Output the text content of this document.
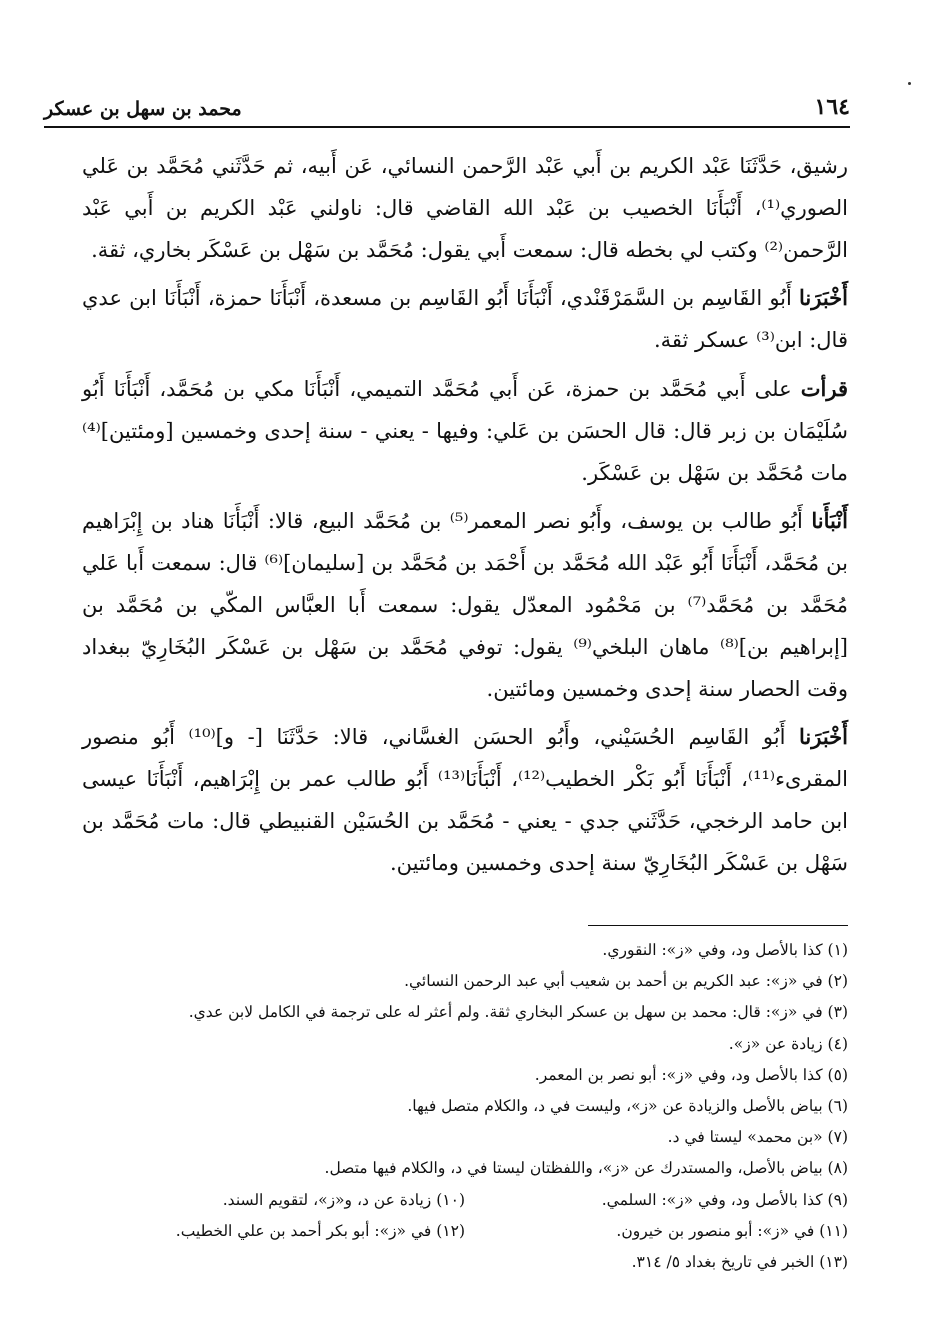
١٦٤
محمد بن سهل بن عسكر

رشيق، حَدَّثَنَا عَبْد الكريم بن أَبي عَبْد الرَّحمن النسائي، عَن أَبيه، ثم حَدَّثَني مُحَمَّد بن عَلي الصوري⁽¹⁾، أَنْبَأَنَا الخصيب بن عَبْد الله القاضي قال: ناولني عَبْد الكريم بن أَبي عَبْد الرَّحمن⁽²⁾ وكتب لي بخطه قال: سمعت أَبي يقول: مُحَمَّد بن سَهْل بن عَسْكَر بخاري، ثقة.

أَخْبَرَنا أَبُو القَاسِم بن السَّمَرْقَنْدي، أَنْبَأَنَا أَبُو القَاسِم بن مسعدة، أَنْبَأَنَا حمزة، أَنْبَأَنَا ابن عدي قال: ابن⁽³⁾ عسكر ثقة.

قرأت على أَبي مُحَمَّد بن حمزة، عَن أَبي مُحَمَّد التميمي، أَنْبَأَنَا مكي بن مُحَمَّد، أَنْبَأَنَا أَبُو سُلَيْمَان بن زبر قال: قال الحسَن بن عَلي: وفيها - يعني - سنة إحدى وخمسين [ومئتين]⁽⁴⁾ مات مُحَمَّد بن سَهْل بن عَسْكَر.

أَنْبَأَنا أَبُو طالب بن يوسف، وأَبُو نصر المعمر⁽⁵⁾ بن مُحَمَّد البيع، قالا: أَنْبَأَنَا هناد بن إِبْرَاهيم بن مُحَمَّد، أَنْبَأَنَا أَبُو عَبْد الله مُحَمَّد بن أَحْمَد بن مُحَمَّد بن [سليمان]⁽⁶⁾ قال: سمعت أَبا عَلي مُحَمَّد بن مُحَمَّد⁽⁷⁾ بن مَحْمُود المعدّل يقول: سمعت أَبا العبَّاس المكّي بن مُحَمَّد بن [إبراهيم بن]⁽⁸⁾ ماهان البلخي⁽⁹⁾ يقول: توفي مُحَمَّد بن سَهْل بن عَسْكَر البُخَارِيّ ببغداد وقت الحصار سنة إحدى وخمسين ومائتين.

أَخْبَرَنا أَبُو القَاسِم الحُسَيْني، وأَبُو الحسَن الغسَّاني، قالا: حَدَّثَنَا [- و]⁽¹⁰⁾ أَبُو منصور المقرىء⁽¹¹⁾، أَنْبَأَنَا أَبُو بَكْر الخطيب⁽¹²⁾، أَنْبَأَنَا⁽¹³⁾ أَبُو طالب عمر بن إِبْرَاهيم، أَنْبَأَنَا عيسى ابن حامد الرخجي، حَدَّثَني جدي - يعني - مُحَمَّد بن الحُسَيْن القنبيطي قال: مات مُحَمَّد بن سَهْل بن عَسْكَر البُخَارِيّ سنة إحدى وخمسين ومائتين.

(١) كذا بالأصل ود، وفي «ز»: النقوري.
(٢) في «ز»: عبد الكريم بن أحمد بن شعيب أبي عبد الرحمن النسائي.
(٣) في «ز»: قال: محمد بن سهل بن عسكر البخاري ثقة. ولم أعثر له على ترجمة في الكامل لابن عدي.
(٤) زيادة عن «ز».
(٥) كذا بالأصل ود، وفي «ز»: أبو نصر بن المعمر.
(٦) بياض بالأصل والزيادة عن «ز»، وليست في د، والكلام متصل فيها.
(٧) «بن محمد» ليستا في د.
(٨) بياض بالأصل، والمستدرك عن «ز»، واللفظتان ليستا في د، والكلام فيها متصل.
(٩) كذا بالأصل ود، وفي «ز»: السلمي.
(١٠) زيادة عن د، و«ز»، لتقويم السند.
(١١) في «ز»: أبو منصور بن خيرون.
(١٢) في «ز»: أبو بكر أحمد بن علي الخطيب.
(١٣) الخبر في تاريخ بغداد ٥/ ٣١٤.
